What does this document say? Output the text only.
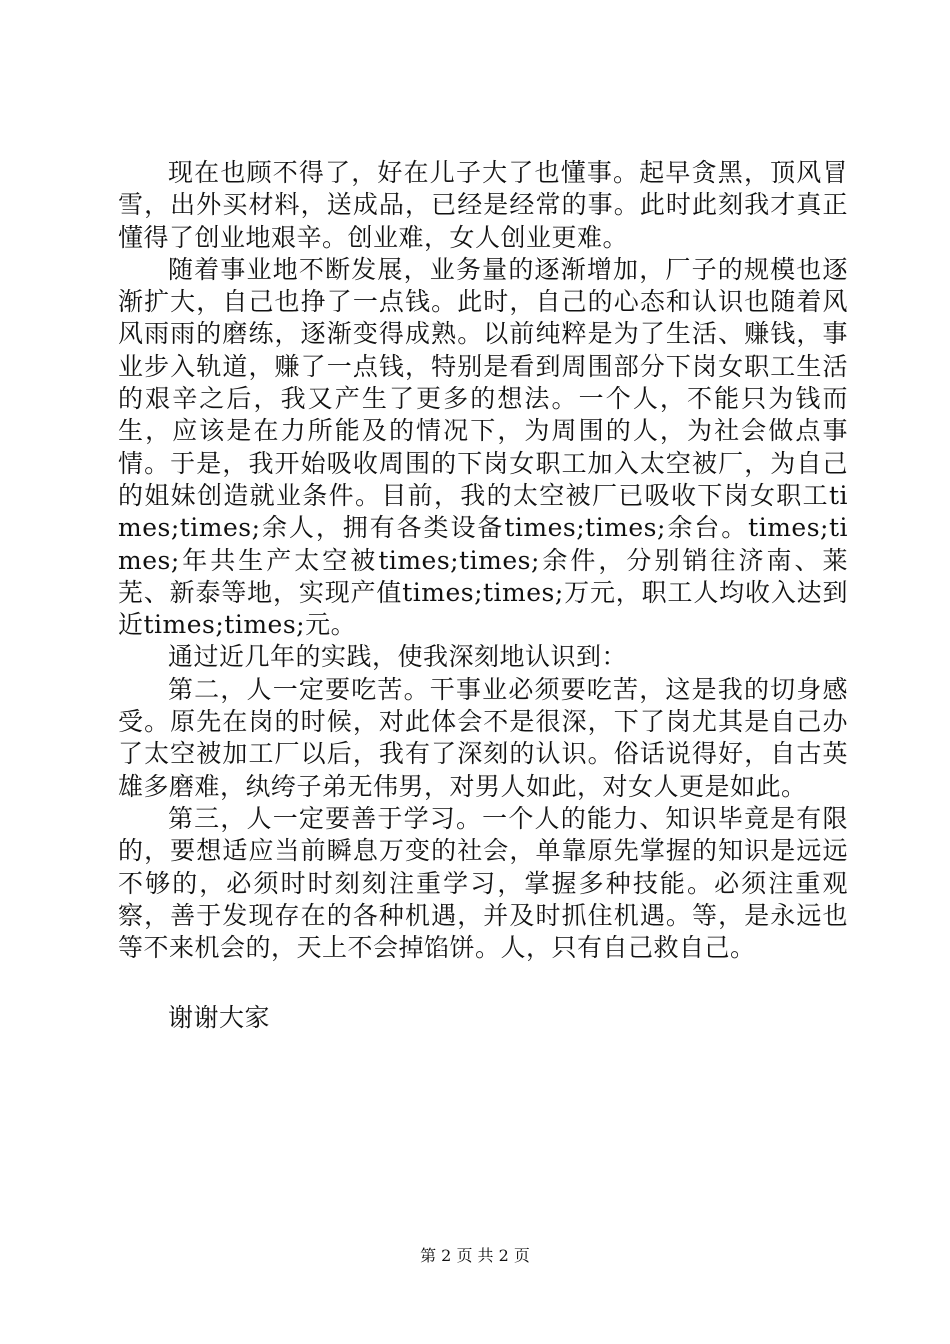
现在也顾不得了，好在儿子大了也懂事。起早贪黑，顶风冒雪，出外买材料，送成品，已经是经常的事。此时此刻我才真正懂得了创业地艰辛。创业难，女人创业更难。

随着事业地不断发展，业务量的逐渐增加，厂子的规模也逐渐扩大，自己也挣了一点钱。此时，自己的心态和认识也随着风风雨雨的磨练，逐渐变得成熟。以前纯粹是为了生活、赚钱，事业步入轨道，赚了一点钱，特别是看到周围部分下岗女职工生活的艰辛之后，我又产生了更多的想法。一个人，不能只为钱而生，应该是在力所能及的情况下，为周围的人，为社会做点事情。于是，我开始吸收周围的下岗女职工加入太空被厂，为自己的姐妹创造就业条件。目前，我的太空被厂已吸收下岗女职工times;times;余人，拥有各类设备times;times;余台。times;times;年共生产太空被times;times;余件，分别销往济南、莱芜、新泰等地，实现产值times;times;万元，职工人均收入达到近times;times;元。

通过近几年的实践，使我深刻地认识到：

第二，人一定要吃苦。干事业必须要吃苦，这是我的切身感受。原先在岗的时候，对此体会不是很深，下了岗尤其是自己办了太空被加工厂以后，我有了深刻的认识。俗话说得好，自古英雄多磨难，纨绔子弟无伟男，对男人如此，对女人更是如此。

第三，人一定要善于学习。一个人的能力、知识毕竟是有限的，要想适应当前瞬息万变的社会，单靠原先掌握的知识是远远不够的，必须时时刻刻注重学习，掌握多种技能。必须注重观察，善于发现存在的各种机遇，并及时抓住机遇。等，是永远也等不来机会的，天上不会掉馅饼。人，只有自己救自己。

谢谢大家

第 2 页 共 2 页
